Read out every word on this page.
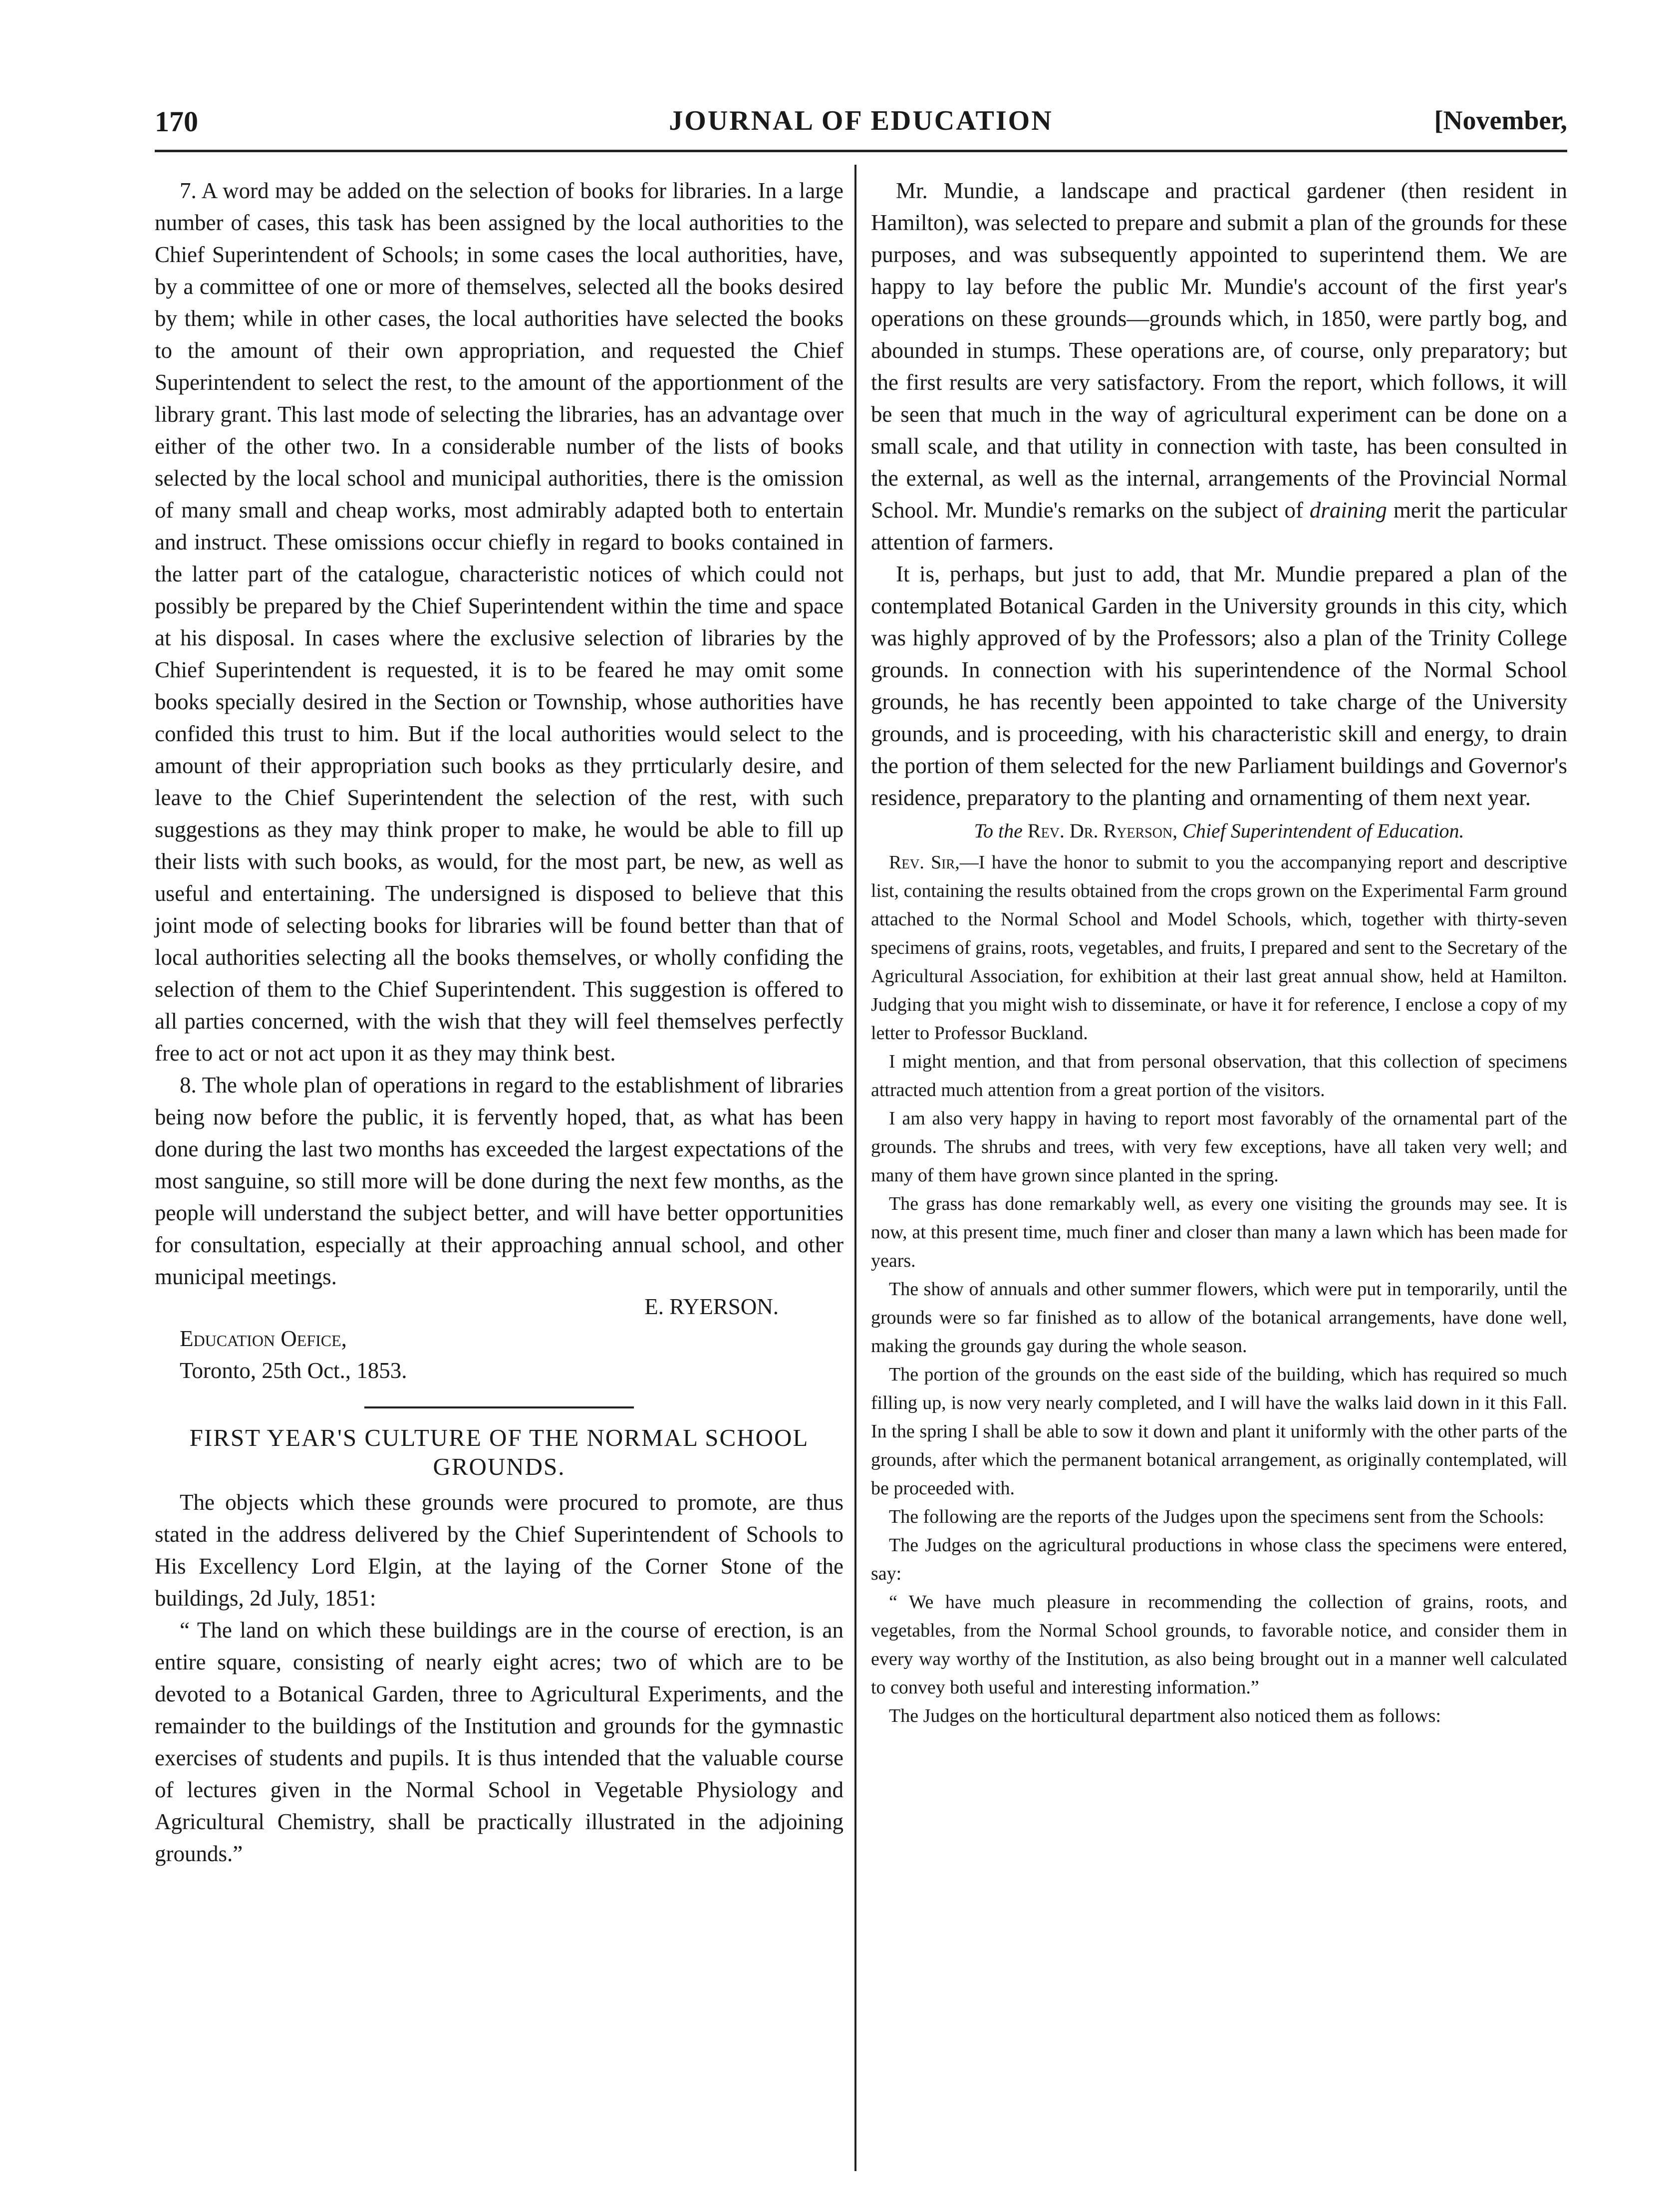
170	JOURNAL OF EDUCATION	[November,

7. A word may be added on the selection of books for libraries. In a large number of cases, this task has been assigned by the local authorities to the Chief Superintendent of Schools; in some cases the local authorities, have, by a committee of one or more of themselves, selected all the books desired by them; while in other cases, the local authorities have selected the books to the amount of their own appropriation, and requested the Chief Superintendent to select the rest, to the amount of the apportionment of the library grant. This last mode of selecting the libraries, has an advantage over either of the other two. In a considerable number of the lists of books selected by the local school and municipal authorities, there is the omission of many small and cheap works, most admirably adapted both to entertain and instruct. These omissions occur chiefly in regard to books contained in the latter part of the catalogue, characteristic notices of which could not possibly be prepared by the Chief Superintendent within the time and space at his disposal. In cases where the exclusive selection of libraries by the Chief Superintendent is requested, it is to be feared he may omit some books specially desired in the Section or Township, whose authorities have confided this trust to him. But if the local authorities would select to the amount of their appropriation such books as they prrticularly desire, and leave to the Chief Superintendent the selection of the rest, with such suggestions as they may think proper to make, he would be able to fill up their lists with such books, as would, for the most part, be new, as well as useful and entertaining. The undersigned is disposed to believe that this joint mode of selecting books for libraries will be found better than that of local authorities selecting all the books themselves, or wholly confiding the selection of them to the Chief Superintendent. This suggestion is offered to all parties concerned, with the wish that they will feel themselves perfectly free to act or not act upon it as they may think best.

8. The whole plan of operations in regard to the establishment of libraries being now before the public, it is fervently hoped, that, as what has been done during the last two months has exceeded the largest expectations of the most sanguine, so still more will be done during the next few months, as the people will understand the subject better, and will have better opportunities for consultation, especially at their approaching annual school, and other municipal meetings.

E. RYERSON.
Education Oefice,
Toronto, 25th Oct., 1853.
FIRST YEAR'S CULTURE OF THE NORMAL SCHOOL GROUNDS.

The objects which these grounds were procured to promote, are thus stated in the address delivered by the Chief Superintendent of Schools to His Excellency Lord Elgin, at the laying of the Corner Stone of the buildings, 2d July, 1851:

“ The land on which these buildings are in the course of erection, is an entire square, consisting of nearly eight acres; two of which are to be devoted to a Botanical Garden, three to Agricultural Experiments, and the remainder to the buildings of the Institution and grounds for the gymnastic exercises of students and pupils. It is thus intended that the valuable course of lectures given in the Normal School in Vegetable Physiology and Agricultural Chemistry, shall be practically illustrated in the adjoining grounds.”

Mr. Mundie, a landscape and practical gardener (then resident in Hamilton), was selected to prepare and submit a plan of the grounds for these purposes, and was subsequently appointed to superintend them. We are happy to lay before the public Mr. Mundie's account of the first year's operations on these grounds—grounds which, in 1850, were partly bog, and abounded in stumps. These operations are, of course, only preparatory; but the first results are very satisfactory. From the report, which follows, it will be seen that much in the way of agricultural experiment can be done on a small scale, and that utility in connection with taste, has been consulted in the external, as well as the internal, arrangements of the Provincial Normal School. Mr. Mundie's remarks on the subject of draining merit the particular attention of farmers.

It is, perhaps, but just to add, that Mr. Mundie prepared a plan of the contemplated Botanical Garden in the University grounds in this city, which was highly approved of by the Professors; also a plan of the Trinity College grounds. In connection with his superintendence of the Normal School grounds, he has recently been appointed to take charge of the University grounds, and is proceeding, with his characteristic skill and energy, to drain the portion of them selected for the new Parliament buildings and Governor's residence, preparatory to the planting and ornamenting of them next year.

To the Rev. Dr. Ryerson, Chief Superintendent of Education.

Rev. Sir,—I have the honor to submit to you the accompanying report and descriptive list, containing the results obtained from the crops grown on the Experimental Farm ground attached to the Normal School and Model Schools, which, together with thirty-seven specimens of grains, roots, vegetables, and fruits, I prepared and sent to the Secretary of the Agricultural Association, for exhibition at their last great annual show, held at Hamilton. Judging that you might wish to disseminate, or have it for reference, I enclose a copy of my letter to Professor Buckland.

I might mention, and that from personal observation, that this collection of specimens attracted much attention from a great portion of the visitors.

I am also very happy in having to report most favorably of the ornamental part of the grounds. The shrubs and trees, with very few exceptions, have all taken very well; and many of them have grown since planted in the spring.

The grass has done remarkably well, as every one visiting the grounds may see. It is now, at this present time, much finer and closer than many a lawn which has been made for years.

The show of annuals and other summer flowers, which were put in temporarily, until the grounds were so far finished as to allow of the botanical arrangements, have done well, making the grounds gay during the whole season.

The portion of the grounds on the east side of the building, which has required so much filling up, is now very nearly completed, and I will have the walks laid down in it this Fall. In the spring I shall be able to sow it down and plant it uniformly with the other parts of the grounds, after which the permanent botanical arrangement, as originally contemplated, will be proceeded with.

The following are the reports of the Judges upon the specimens sent from the Schools:

The Judges on the agricultural productions in whose class the specimens were entered, say:

“ We have much pleasure in recommending the collection of grains, roots, and vegetables, from the Normal School grounds, to favorable notice, and consider them in every way worthy of the Institution, as also being brought out in a manner well calculated to convey both useful and interesting information.”

The Judges on the horticultural department also noticed them as follows:
